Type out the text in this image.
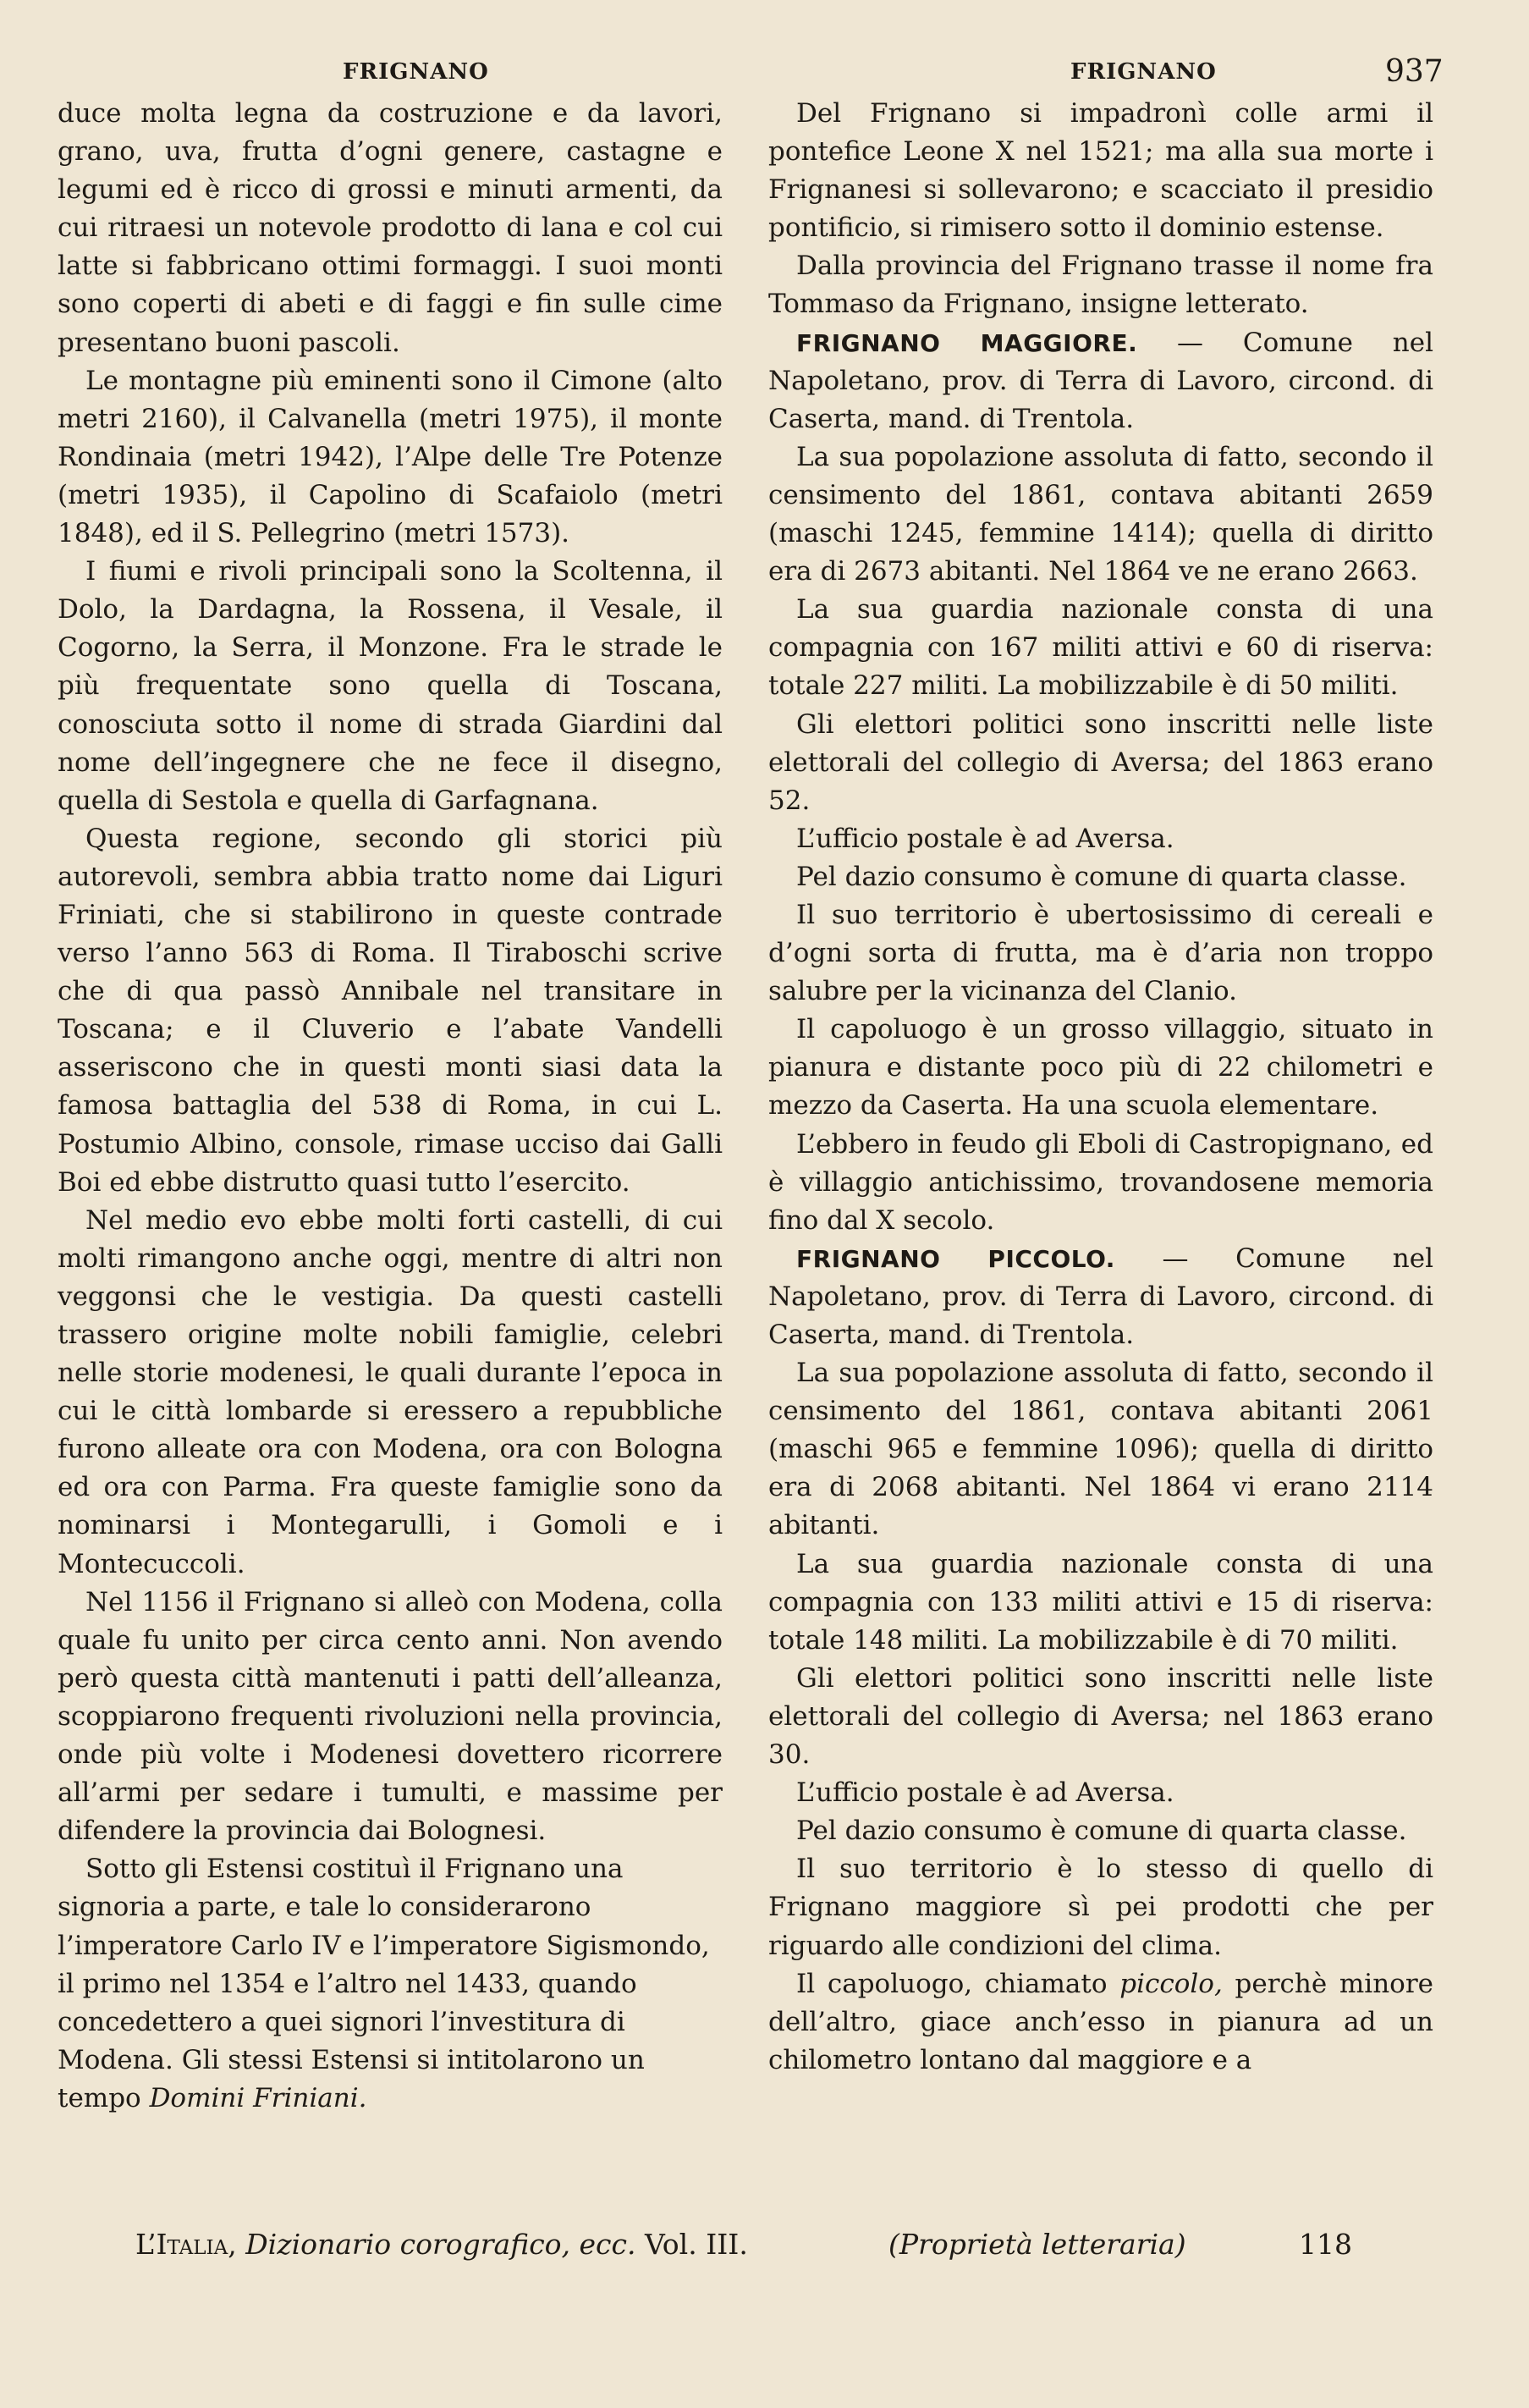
FRIGNANO	FRIGNANO	937

duce molta legna da costruzione e da lavori, grano, uva, frutta d’ogni genere, castagne e legumi ed è ricco di grossi e minuti armenti, da cui ritraesi un notevole prodotto di lana e col cui latte si fabbricano ottimi formaggi. I suoi monti sono coperti di abeti e di faggi e fin sulle cime presentano buoni pascoli.

Le montagne più eminenti sono il Cimone (alto metri 2160), il Calvanella (metri 1975), il monte Rondinaia (metri 1942), l’Alpe delle Tre Potenze (metri 1935), il Capolino di Scafaiolo (metri 1848), ed il S. Pellegrino (metri 1573).

I fiumi e rivoli principali sono la Scoltenna, il Dolo, la Dardagna, la Rossena, il Vesale, il Cogorno, la Serra, il Monzone. Fra le strade le più frequentate sono quella di Toscana, conosciuta sotto il nome di strada Giardini dal nome dell’ingegnere che ne fece il disegno, quella di Sestola e quella di Garfagnana.

Questa regione, secondo gli storici più autorevoli, sembra abbia tratto nome dai Liguri Friniati, che si stabilirono in queste contrade verso l’anno 563 di Roma. Il Tiraboschi scrive che di qua passò Annibale nel transitare in Toscana; e il Cluverio e l’abate Vandelli asseriscono che in questi monti siasi data la famosa battaglia del 538 di Roma, in cui L. Postumio Albino, console, rimase ucciso dai Galli Boi ed ebbe distrutto quasi tutto l’esercito.

Nel medio evo ebbe molti forti castelli, di cui molti rimangono anche oggi, mentre di altri non veggonsi che le vestigia. Da questi castelli trassero origine molte nobili famiglie, celebri nelle storie modenesi, le quali durante l’epoca in cui le città lombarde si eressero a repubbliche furono alleate ora con Modena, ora con Bologna ed ora con Parma. Fra queste famiglie sono da nominarsi i Montegarulli, i Gomoli e i Montecuccoli.

Nel 1156 il Frignano si alleò con Modena, colla quale fu unito per circa cento anni. Non avendo però questa città mantenuti i patti dell’alleanza, scoppiarono frequenti rivoluzioni nella provincia, onde più volte i Modenesi dovettero ricorrere all’armi per sedare i tumulti, e massime per difendere la provincia dai Bolognesi.

Sotto gli Estensi costituì il Frignano una signoria a parte, e tale lo considerarono l’imperatore Carlo IV e l’imperatore Sigismondo, il primo nel 1354 e l’altro nel 1433, quando concedettero a quei signori l’investitura di Modena. Gli stessi Estensi si intitolarono un tempo Domini Friniani.

Del Frignano si impadronì colle armi il pontefice Leone X nel 1521; ma alla sua morte i Frignanesi si sollevarono; e scacciato il presidio pontificio, si rimisero sotto il dominio estense.

Dalla provincia del Frignano trasse il nome fra Tommaso da Frignano, insigne letterato.

FRIGNANO MAGGIORE. — Comune nel Napoletano, prov. di Terra di Lavoro, circond. di Caserta, mand. di Trentola.

La sua popolazione assoluta di fatto, secondo il censimento del 1861, contava abitanti 2659 (maschi 1245, femmine 1414); quella di diritto era di 2673 abitanti. Nel 1864 ve ne erano 2663.

La sua guardia nazionale consta di una compagnia con 167 militi attivi e 60 di riserva: totale 227 militi. La mobilizzabile è di 50 militi.

Gli elettori politici sono inscritti nelle liste elettorali del collegio di Aversa; del 1863 erano 52.

L’ufficio postale è ad Aversa.

Pel dazio consumo è comune di quarta classe.

Il suo territorio è ubertosissimo di cereali e d’ogni sorta di frutta, ma è d’aria non troppo salubre per la vicinanza del Clanio.

Il capoluogo è un grosso villaggio, situato in pianura e distante poco più di 22 chilometri e mezzo da Caserta. Ha una scuola elementare.

L’ebbero in feudo gli Eboli di Castropignano, ed è villaggio antichissimo, trovandosene memoria fino dal X secolo.

FRIGNANO PICCOLO. — Comune nel Napoletano, prov. di Terra di Lavoro, circond. di Caserta, mand. di Trentola.

La sua popolazione assoluta di fatto, secondo il censimento del 1861, contava abitanti 2061 (maschi 965 e femmine 1096); quella di diritto era di 2068 abitanti. Nel 1864 vi erano 2114 abitanti.

La sua guardia nazionale consta di una compagnia con 133 militi attivi e 15 di riserva: totale 148 militi. La mobilizzabile è di 70 militi.

Gli elettori politici sono inscritti nelle liste elettorali del collegio di Aversa; nel 1863 erano 30.

L’ufficio postale è ad Aversa.

Pel dazio consumo è comune di quarta classe.

Il suo territorio è lo stesso di quello di Frignano maggiore sì pei prodotti che per riguardo alle condizioni del clima.

Il capoluogo, chiamato piccolo, perchè minore dell’altro, giace anch’esso in pianura ad un chilometro lontano dal maggiore e a

L’Italia, Dizionario corografico, ecc. Vol. III.	(Proprietà letteraria)	118
